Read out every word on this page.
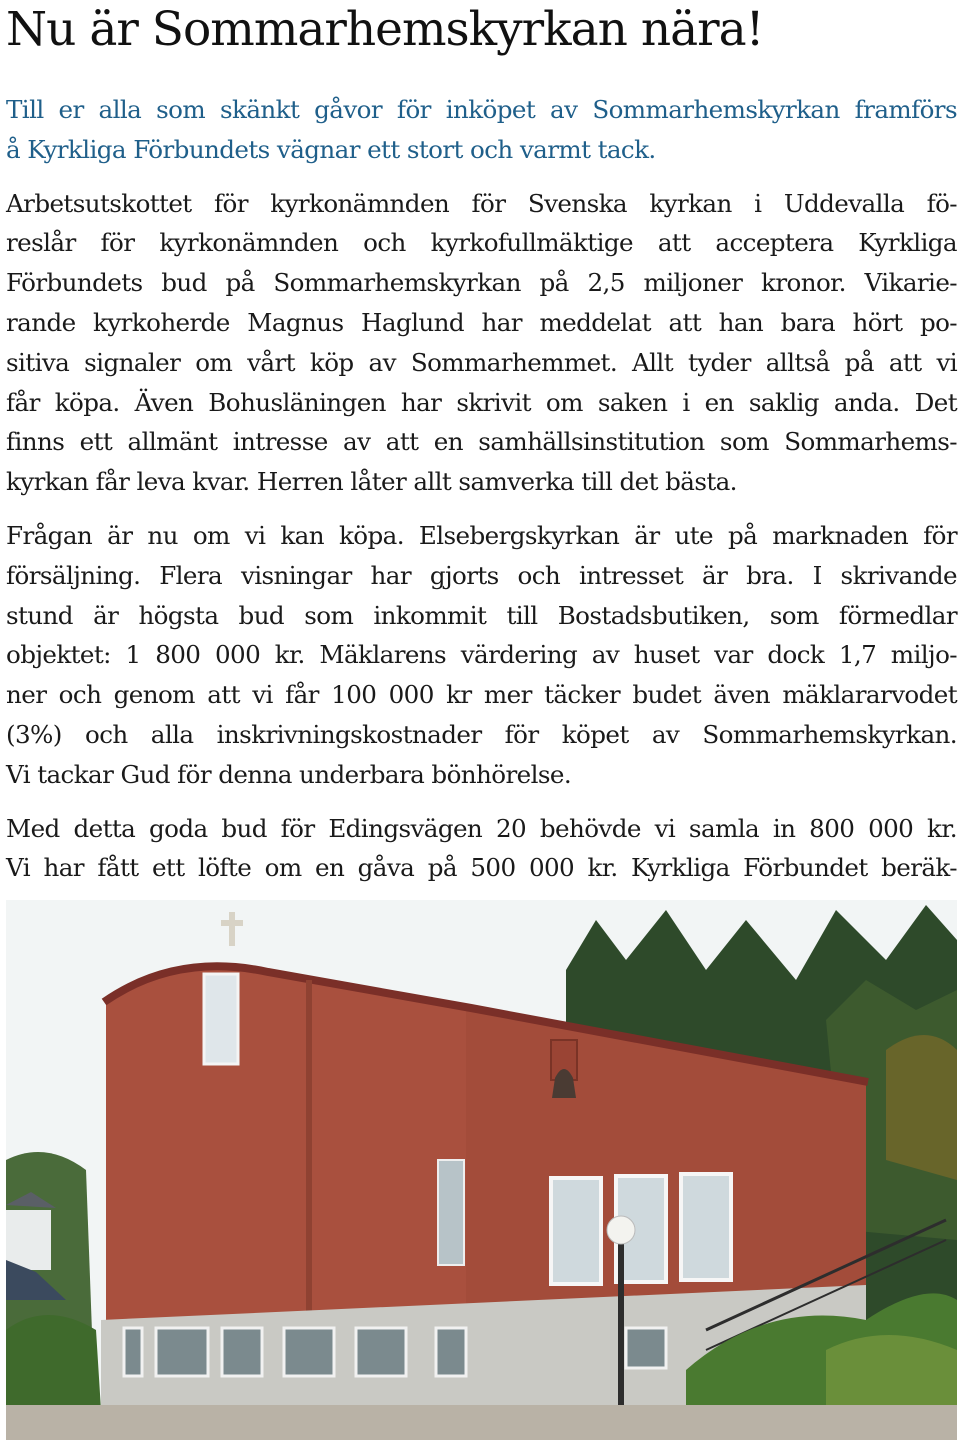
Nu är Sommarhemskyrkan nära!

Till er alla som skänkt gåvor för inköpet av Sommarhemskyrkan framförs
å Kyrkliga Förbundets vägnar ett stort och varmt tack.

Arbetsutskottet för kyrkonämnden för Svenska kyrkan i Uddevalla fö-
reslår för kyrkonämnden och kyrkofullmäktige att acceptera Kyrkliga
Förbundets bud på Sommarhemskyrkan på 2,5 miljoner kronor. Vikarie-
rande kyrkoherde Magnus Haglund har meddelat att han bara hört po-
sitiva signaler om vårt köp av Sommarhemmet. Allt tyder alltså på att vi
får köpa. Även Bohusläningen har skrivit om saken i en saklig anda. Det
finns ett allmänt intresse av att en samhällsinstitution som Sommarhems-
kyrkan får leva kvar. Herren låter allt samverka till det bästa.

Frågan är nu om vi kan köpa. Elsebergskyrkan är ute på marknaden för
försäljning. Flera visningar har gjorts och intresset är bra. I skrivande
stund är högsta bud som inkommit till Bostadsbutiken, som förmedlar
objektet: 1 800 000 kr. Mäklarens värdering av huset var dock 1,7 miljo-
ner och genom att vi får 100 000 kr mer täcker budet även mäklararvodet
(3%) och alla inskrivningskostnader för köpet av Sommarhemskyrkan.
Vi tackar Gud för denna underbara bönhörelse.

Med detta goda bud för Edingsvägen 20 behövde vi samla in 800 000 kr.
Vi har fått ett löfte om en gåva på 500 000 kr. Kyrkliga Förbundet beräk-
